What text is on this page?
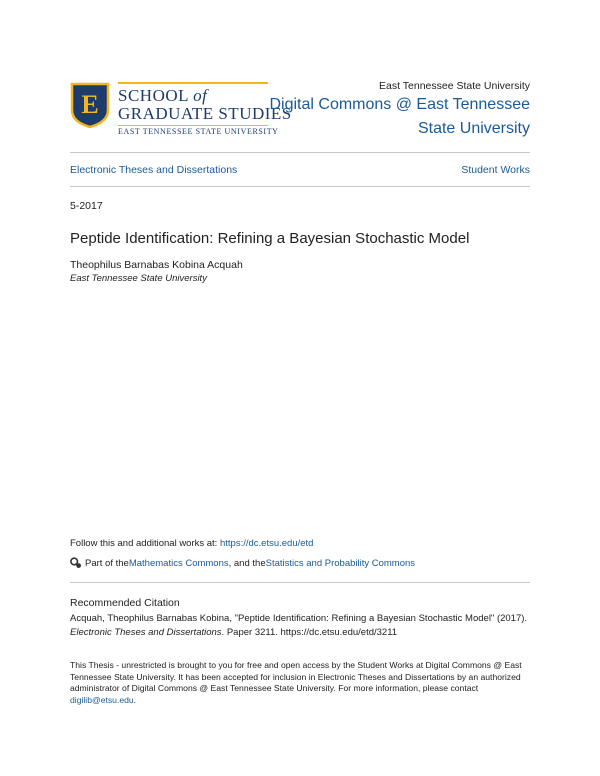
E SCHOOL of
GRADUATE STUDIES
EAST TENNESSEE STATE UNIVERSITY
East Tennessee State University
Digital Commons @ East Tennessee
State University
Electronic Theses and Dissertations	Student Works
5-2017
Peptide Identification: Refining a Bayesian Stochastic Model
Theophilus Barnabas Kobina Acquah
East Tennessee State University
Follow this and additional works at: https://dc.etsu.edu/etd
Part of the Mathematics Commons , and the Statistics and Probability Commons
Recommended Citation
Acquah, Theophilus Barnabas Kobina, "Peptide Identification: Refining a Bayesian Stochastic Model" (2017). Electronic Theses and Dissertations. Paper 3211. https://dc.etsu.edu/etd/3211
This Thesis - unrestricted is brought to you for free and open access by the Student Works at Digital Commons @ East Tennessee State University. It has been accepted for inclusion in Electronic Theses and Dissertations by an authorized administrator of Digital Commons @ East Tennessee State University. For more information, please contact digilib@etsu.edu.
